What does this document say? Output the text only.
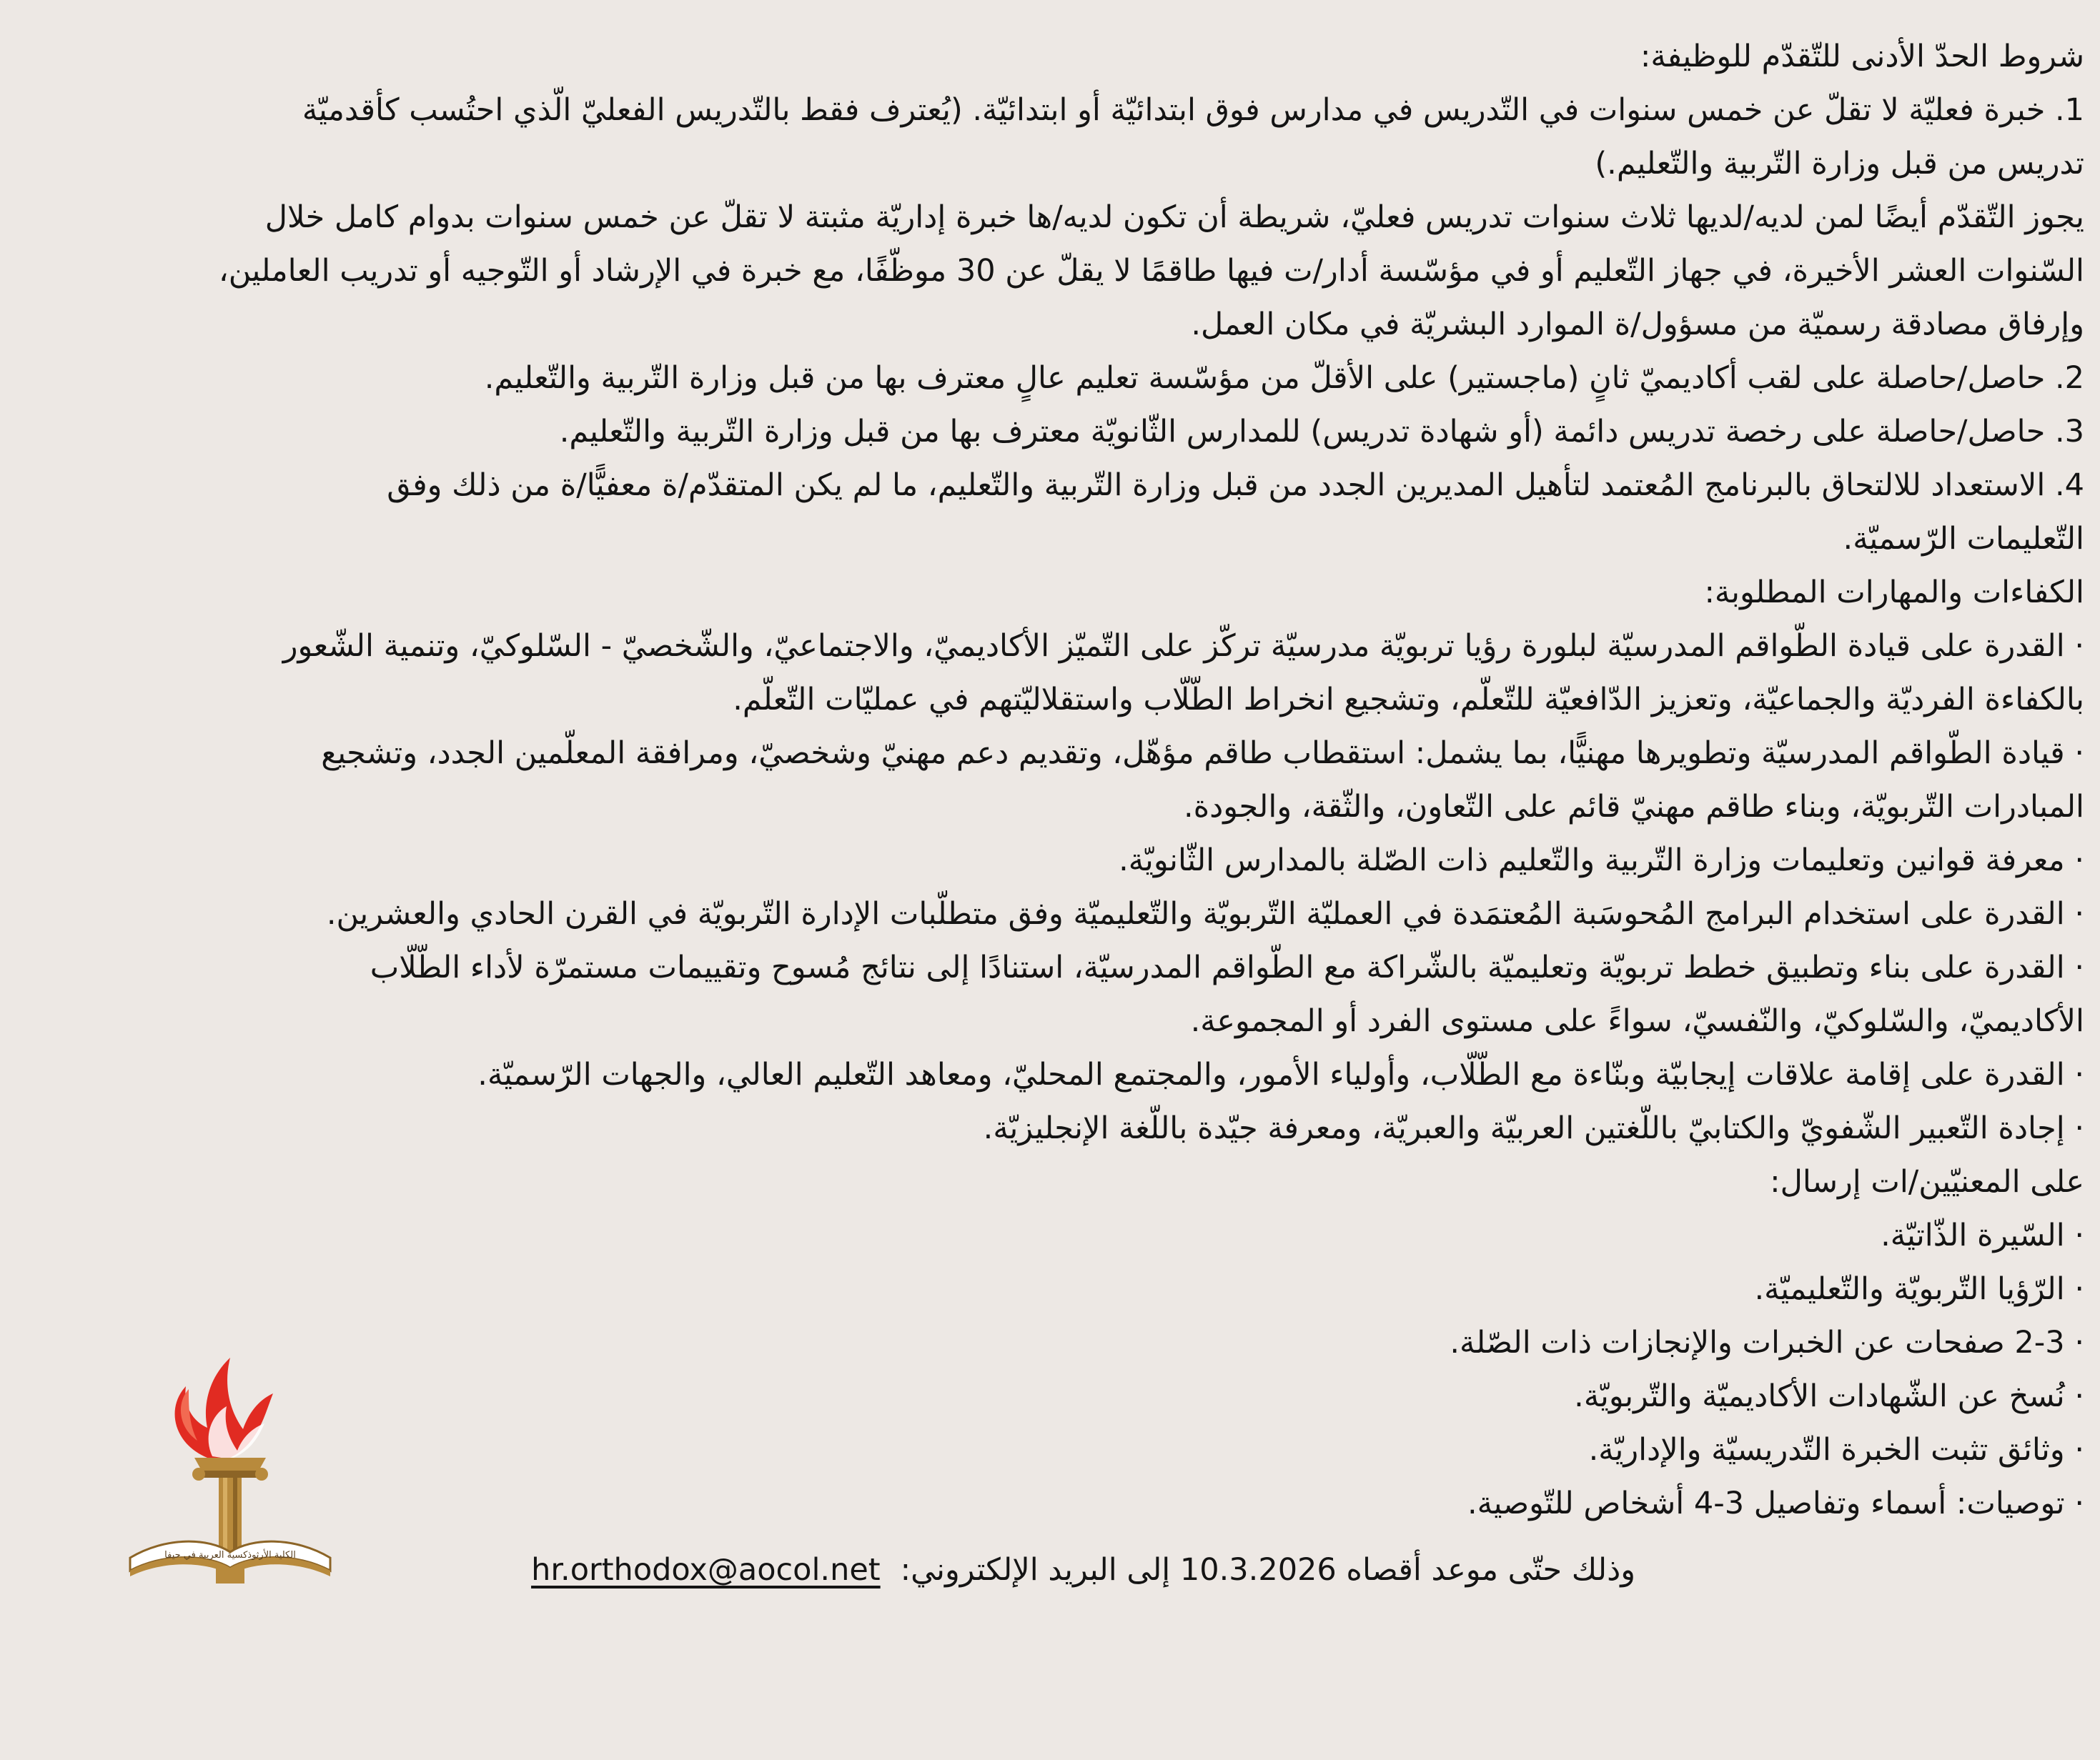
شروط الحدّ الأدنى للتّقدّم للوظيفة:
1. خبرة فعليّة لا تقلّ عن خمس سنوات في التّدريس في مدارس فوق ابتدائيّة أو ابتدائيّة. (يُعترف فقط بالتّدريس الفعليّ الّذي احتُسب كأقدميّة
تدريس من قبل وزارة التّربية والتّعليم.)
يجوز التّقدّم أيضًا لمن لديه/لديها ثلاث سنوات تدريس فعليّ، شريطة أن تكون لديه/ها خبرة إداريّة مثبتة لا تقلّ عن خمس سنوات بدوام كامل خلال
السّنوات العشر الأخيرة، في جهاز التّعليم أو في مؤسّسة أدار/ت فيها طاقمًا لا يقلّ عن 30 موظّفًا، مع خبرة في الإرشاد أو التّوجيه أو تدريب العاملين،
وإرفاق مصادقة رسميّة من مسؤول/ة الموارد البشريّة في مكان العمل.
2. حاصل/حاصلة على لقب أكاديميّ ثانٍ (ماجستير) على الأقلّ من مؤسّسة تعليم عالٍ معترف بها من قبل وزارة التّربية والتّعليم.
3. حاصل/حاصلة على رخصة تدريس دائمة (أو شهادة تدريس) للمدارس الثّانويّة معترف بها من قبل وزارة التّربية والتّعليم.
4. الاستعداد للالتحاق بالبرنامج المُعتمد لتأهيل المديرين الجدد من قبل وزارة التّربية والتّعليم، ما لم يكن المتقدّم/ة معفيًّا/ة من ذلك وفق
التّعليمات الرّسميّة.
الكفاءات والمهارات المطلوبة:
· القدرة على قيادة الطّواقم المدرسيّة لبلورة رؤيا تربويّة مدرسيّة تركّز على التّميّز الأكاديميّ، والاجتماعيّ، والشّخصيّ - السّلوكيّ، وتنمية الشّعور
بالكفاءة الفرديّة والجماعيّة، وتعزيز الدّافعيّة للتّعلّم، وتشجيع انخراط الطّلّاب واستقلاليّتهم في عمليّات التّعلّم.
· قيادة الطّواقم المدرسيّة وتطويرها مهنيًّا، بما يشمل: استقطاب طاقم مؤهّل، وتقديم دعم مهنيّ وشخصيّ، ومرافقة المعلّمين الجدد، وتشجيع
المبادرات التّربويّة، وبناء طاقم مهنيّ قائم على التّعاون، والثّقة، والجودة.
· معرفة قوانين وتعليمات وزارة التّربية والتّعليم ذات الصّلة بالمدارس الثّانويّة.
· القدرة على استخدام البرامج المُحوسَبة المُعتمَدة في العمليّة التّربويّة والتّعليميّة وفق متطلّبات الإدارة التّربويّة في القرن الحادي والعشرين.
· القدرة على بناء وتطبيق خطط تربويّة وتعليميّة بالشّراكة مع الطّواقم المدرسيّة، استنادًا إلى نتائج مُسوح وتقييمات مستمرّة لأداء الطّلّاب
الأكاديميّ، والسّلوكيّ، والنّفسيّ، سواءً على مستوى الفرد أو المجموعة.
· القدرة على إقامة علاقات إيجابيّة وبنّاءة مع الطّلّاب، وأولياء الأمور، والمجتمع المحليّ، ومعاهد التّعليم العالي، والجهات الرّسميّة.
· إجادة التّعبير الشّفويّ والكتابيّ باللّغتين العربيّة والعبريّة، ومعرفة جيّدة باللّغة الإنجليزيّة.
على المعنيّين/ات إرسال:
· السّيرة الذّاتيّة.
· الرّؤيا التّربويّة والتّعليميّة.
· 2-3 صفحات عن الخبرات والإنجازات ذات الصّلة.
· نُسخ عن الشّهادات الأكاديميّة والتّربويّة.
· وثائق تثبت الخبرة التّدريسيّة والإداريّة.
· توصيات: أسماء وتفاصيل 3-4 أشخاص للتّوصية.
وذلك حتّى موعد أقصاه 10.3.2026 إلى البريد الإلكتروني:hr.orthodox@aocol.net
الكلية الأرثوذكسية العربية في حيفا
